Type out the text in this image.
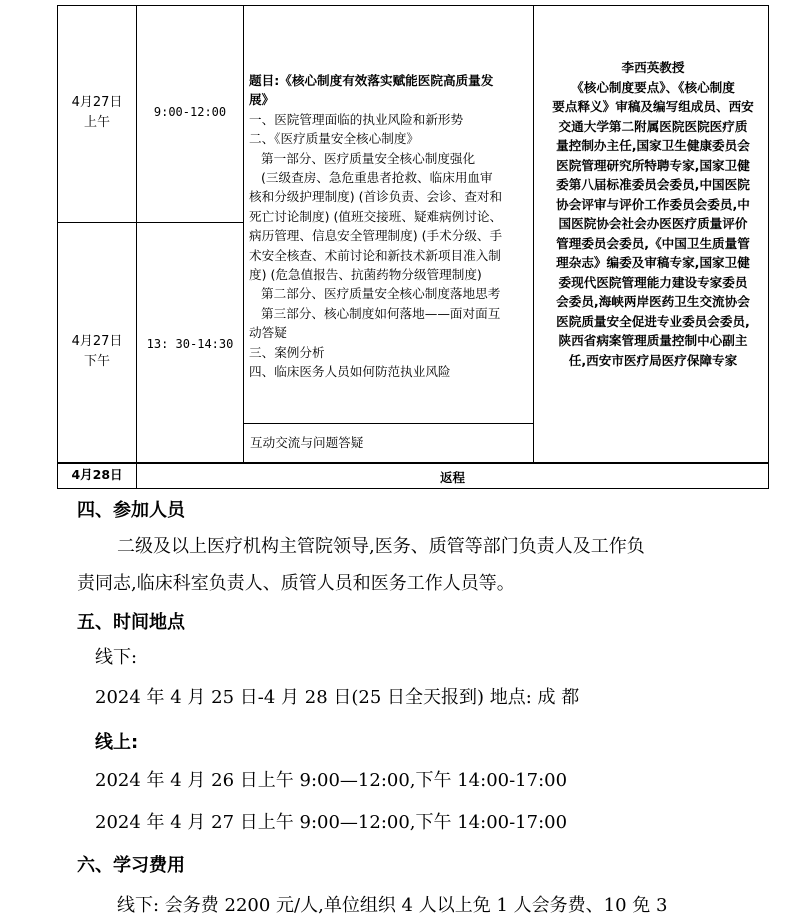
4月27日
上午
9:00-12:00
4月27日
下午
13: 30-14:30
题目:《核心制度有效落实赋能医院高质量发
展》
一、医院管理面临的执业风险和新形势
二、《医疗质量安全核心制度》
第一部分、医疗质量安全核心制度强化
(三级查房、急危重患者抢救、临床用血审
核和分级护理制度) (首诊负责、会诊、查对和
死亡讨论制度) (值班交接班、疑难病例讨论、
病历管理、信息安全管理制度) (手术分级、手
术安全核查、术前讨论和新技术新项目准入制
度) (危急值报告、抗菌药物分级管理制度)
第二部分、医疗质量安全核心制度落地思考
第三部分、核心制度如何落地——面对面互
动答疑
三、案例分析
四、临床医务人员如何防范执业风险
互动交流与问题答疑
李西英教授
《核心制度要点》、《核心制度
要点释义》审稿及编写组成员、西安
交通大学第二附属医院医院医疗质
量控制办主任,国家卫生健康委员会
医院管理研究所特聘专家,国家卫健
委第八届标准委员会委员,中国医院
协会评审与评价工作委员会委员,中
国医院协会社会办医医疗质量评价
管理委员会委员,《中国卫生质量管
理杂志》编委及审稿专家,国家卫健
委现代医院管理能力建设专家委员
会委员,海峡两岸医药卫生交流协会
医院质量安全促进专业委员会委员,
陕西省病案管理质量控制中心副主
任,西安市医疗局医疗保障专家
4月28日	返程
四、参加人员
二级及以上医疗机构主管院领导,医务、质管等部门负责人及工作负
责同志,临床科室负责人、质管人员和医务工作人员等。
五、时间地点
线下:
2024 年 4 月 25 日-4 月 28 日(25 日全天报到) 地点: 成 都
线上:
2024 年 4 月 26 日上午 9:00—12:00,下午 14:00-17:00
2024 年 4 月 27 日上午 9:00—12:00,下午 14:00-17:00
六、学习费用
线下: 会务费 2200 元/人,单位组织 4 人以上免 1 人会务费、10 免 3
